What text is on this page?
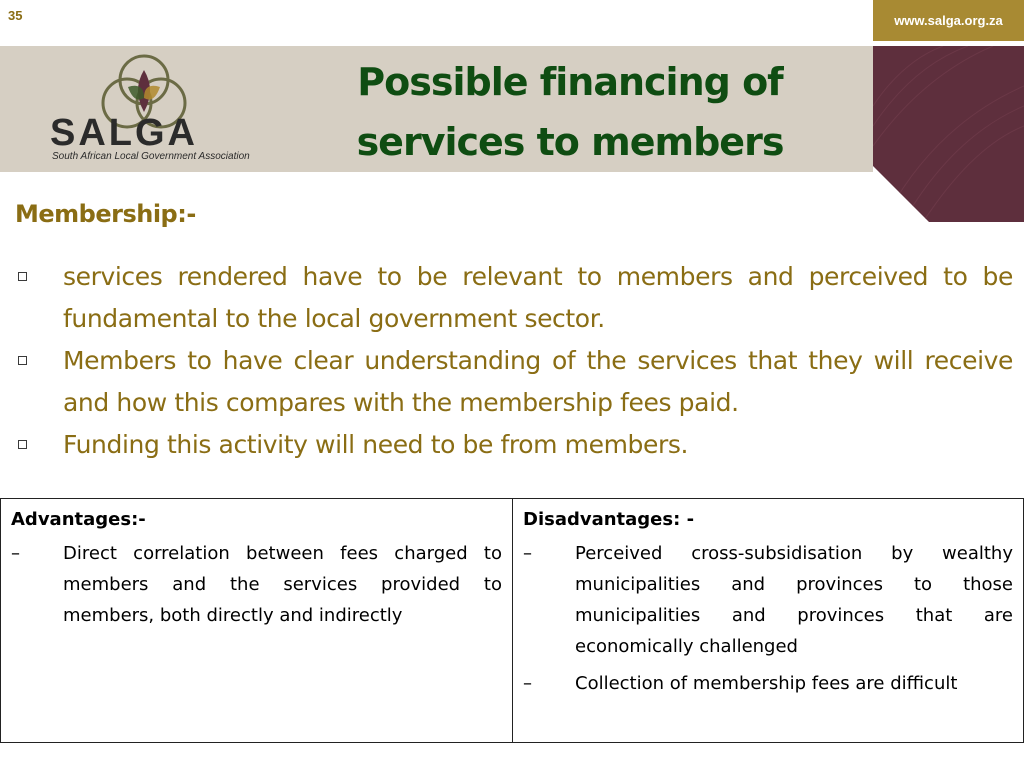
35	www.salga.org.za
SALGA
South African Local Government Association
Possible financing of
services to members
Membership:-
services rendered have to be relevant to members and perceived to be fundamental to the local government sector.
Members to have clear understanding of the services that they will receive and how this compares with the membership fees paid.
Funding this activity will need to be from members.
Advantages:-
– Direct correlation between fees charged to members and the services provided to members, both directly and indirectly
Disadvantages: -
– Perceived cross-subsidisation by wealthy municipalities and provinces to those municipalities and provinces that are economically challenged
– Collection of membership fees are difficult
